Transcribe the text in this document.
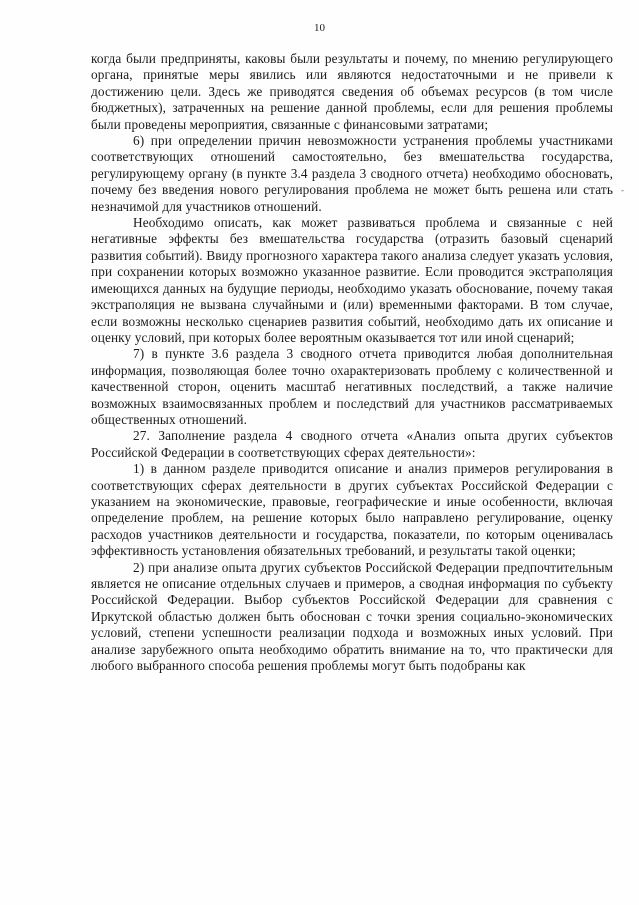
10
-

когда были предприняты, каковы были результаты и почему, по мнению регулирующего органа, принятые меры явились или являются недостаточными и не привели к достижению цели. Здесь же приводятся сведения об объемах ресурсов (в том числе бюджетных), затраченных на решение данной проблемы, если для решения проблемы были проведены мероприятия, связанные с финансовыми затратами;

6) при определении причин невозможности устранения проблемы участниками соответствующих отношений самостоятельно, без вмешательства государства, регулирующему органу (в пункте 3.4 раздела 3 сводного отчета) необходимо обосновать, почему без введения нового регулирования проблема не может быть решена или стать незначимой для участников отношений.

Необходимо описать, как может развиваться проблема и связанные с ней негативные эффекты без вмешательства государства (отразить базовый сценарий развития событий). Ввиду прогнозного характера такого анализа следует указать условия, при сохранении которых возможно указанное развитие. Если проводится экстраполяция имеющихся данных на будущие периоды, необходимо указать обоснование, почему такая экстраполяция не вызвана случайными и (или) временными факторами. В том случае, если возможны несколько сценариев развития событий, необходимо дать их описание и оценку условий, при которых более вероятным оказывается тот или иной сценарий;

7) в пункте 3.6 раздела 3 сводного отчета приводится любая дополнительная информация, позволяющая более точно охарактеризовать проблему с количественной и качественной сторон, оценить масштаб негативных последствий, а также наличие возможных взаимосвязанных проблем и последствий для участников рассматриваемых общественных отношений.

27. Заполнение раздела 4 сводного отчета «Анализ опыта других субъектов Российской Федерации в соответствующих сферах деятельности»:

1) в данном разделе приводится описание и анализ примеров регулирования в соответствующих сферах деятельности в других субъектах Российской Федерации с указанием на экономические, правовые, географические и иные особенности, включая определение проблем, на решение которых было направлено регулирование, оценку расходов участников деятельности и государства, показатели, по которым оценивалась эффективность установления обязательных требований, и результаты такой оценки;

2) при анализе опыта других субъектов Российской Федерации предпочтительным является не описание отдельных случаев и примеров, а сводная информация по субъекту Российской Федерации. Выбор субъектов Российской Федерации для сравнения с Иркутской областью должен быть обоснован с точки зрения социально-экономических условий, степени успешности реализации подхода и возможных иных условий. При анализе зарубежного опыта необходимо обратить внимание на то, что практически для любого выбранного способа решения проблемы могут быть подобраны как
